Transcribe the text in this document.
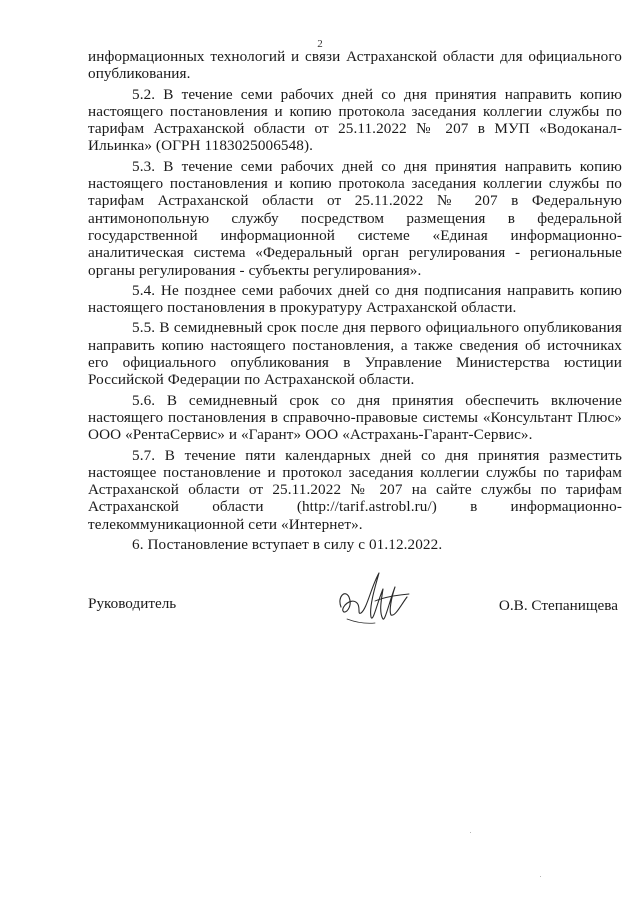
2

информационных технологий и связи Астраханской области для официального опубликования.

5.2. В течение семи рабочих дней со дня принятия направить копию настоящего постановления и копию протокола заседания коллегии службы по тарифам Астраханской области от 25.11.2022 № 207 в МУП «Водоканал-Ильинка» (ОГРН 1183025006548).

5.3. В течение семи рабочих дней со дня принятия направить копию настоящего постановления и копию протокола заседания коллегии службы по тарифам Астраханской области от 25.11.2022 № 207 в Федеральную антимонопольную службу посредством размещения в федеральной государственной информационной системе «Единая информационно-аналитическая система «Федеральный орган регулирования - региональные органы регулирования - субъекты регулирования».

5.4. Не позднее семи рабочих дней со дня подписания направить копию настоящего постановления в прокуратуру Астраханской области.

5.5. В семидневный срок после дня первого официального опубликования направить копию настоящего постановления, а также сведения об источниках его официального опубликования в Управление Министерства юстиции Российской Федерации по Астраханской области.

5.6. В семидневный срок со дня принятия обеспечить включение настоящего постановления в справочно-правовые системы «Консультант Плюс» ООО «РентаСервис» и «Гарант» ООО «Астрахань-Гарант-Сервис».

5.7. В течение пяти календарных дней со дня принятия разместить настоящее постановление и протокол заседания коллегии службы по тарифам Астраханской области от 25.11.2022 № 207 на сайте службы по тарифам Астраханской области (http://tarif.astrobl.ru/) в информационно-телекоммуникационной сети «Интернет».

6. Постановление вступает в силу с 01.12.2022.

Руководитель	О.В. Степанищева
